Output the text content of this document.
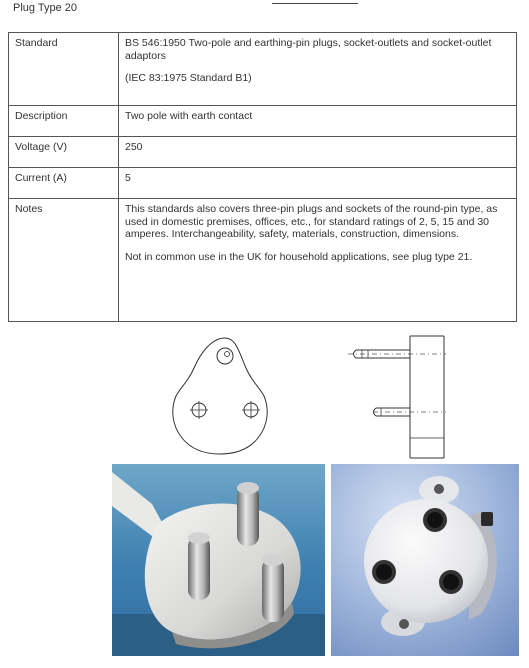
Plug Type 20
Standard	BS 546:1950 Two-pole and earthing-pin plugs, socket-outlets and socket-outlet adaptors

(IEC 83:1975 Standard B1)

Description	Two pole with earth contact

Voltage (V)	250

Current (A)	5

Notes	This standards also covers three-pin plugs and sockets of the round-pin type, as used in domestic premises, offices, etc., for standard ratings of 2, 5, 15 and 30 amperes. Interchangeability, safety, materials, construction, dimensions.

Not in common use in the UK for household applications, see plug type 21.
